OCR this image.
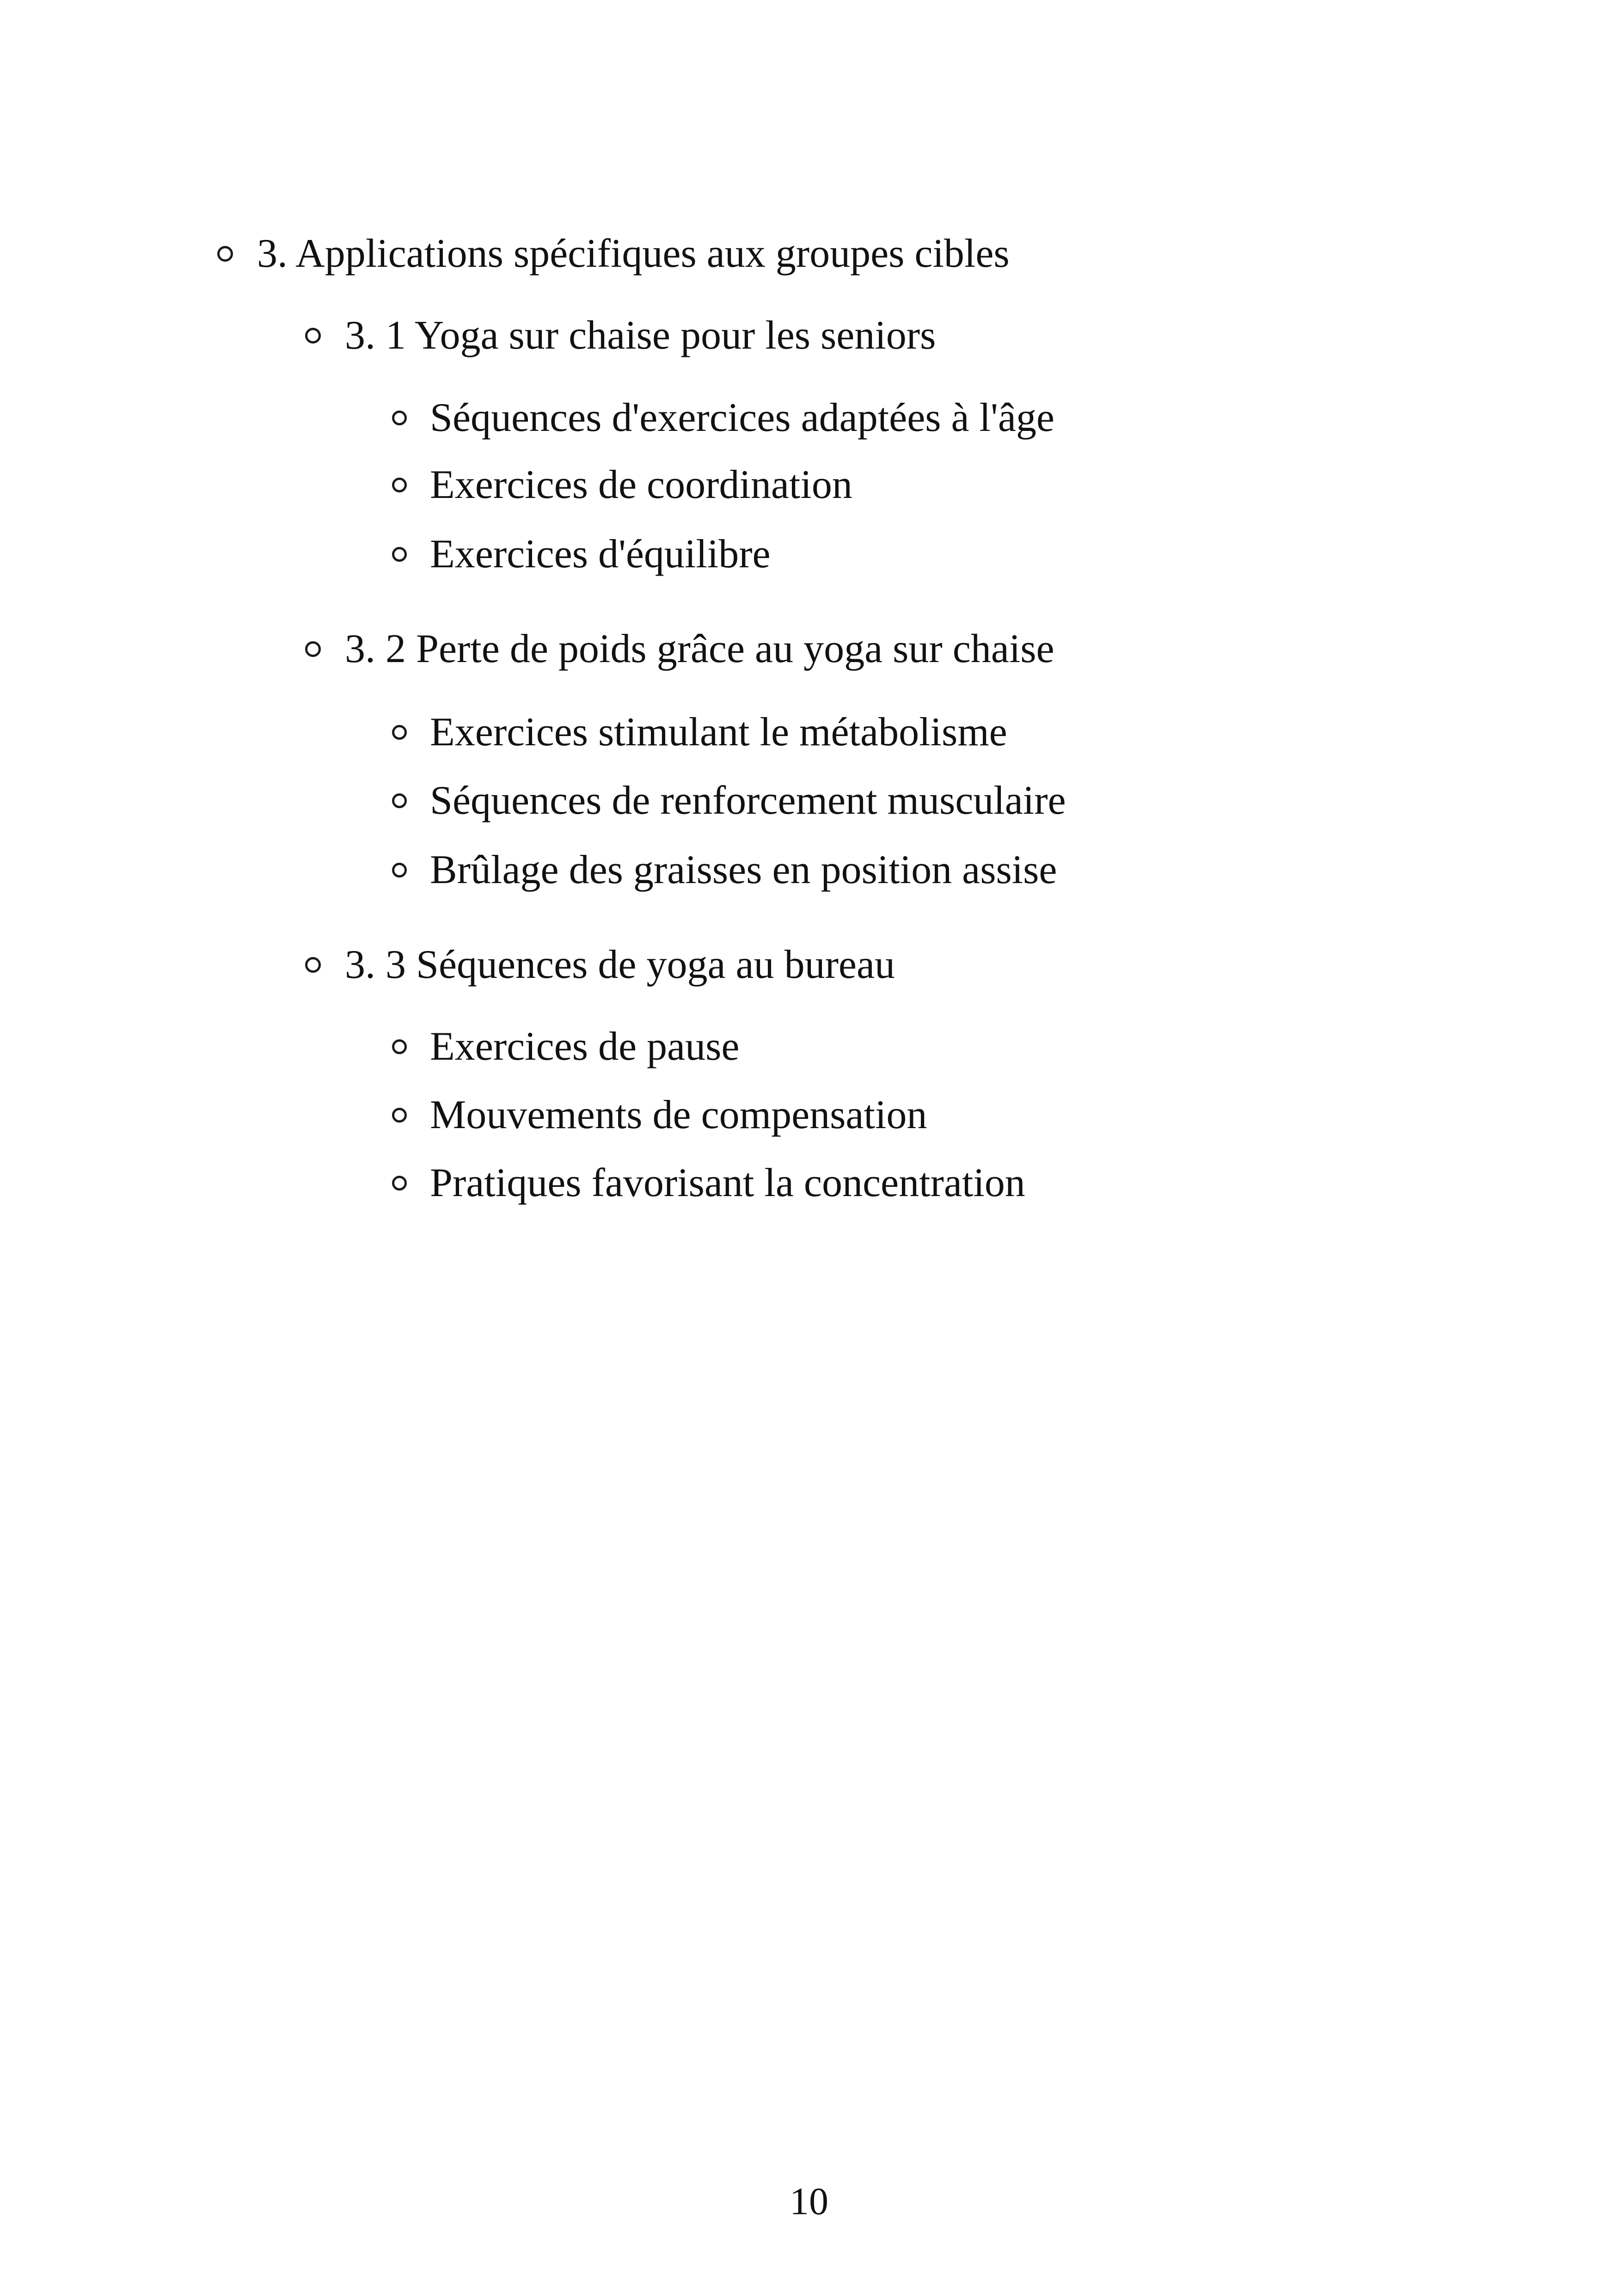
3. Applications spécifiques aux groupes cibles
3. 1 Yoga sur chaise pour les seniors
Séquences d'exercices adaptées à l'âge
Exercices de coordination
Exercices d'équilibre
3. 2 Perte de poids grâce au yoga sur chaise
Exercices stimulant le métabolisme
Séquences de renforcement musculaire
Brûlage des graisses en position assise
3. 3 Séquences de yoga au bureau
Exercices de pause
Mouvements de compensation
Pratiques favorisant la concentration
10
